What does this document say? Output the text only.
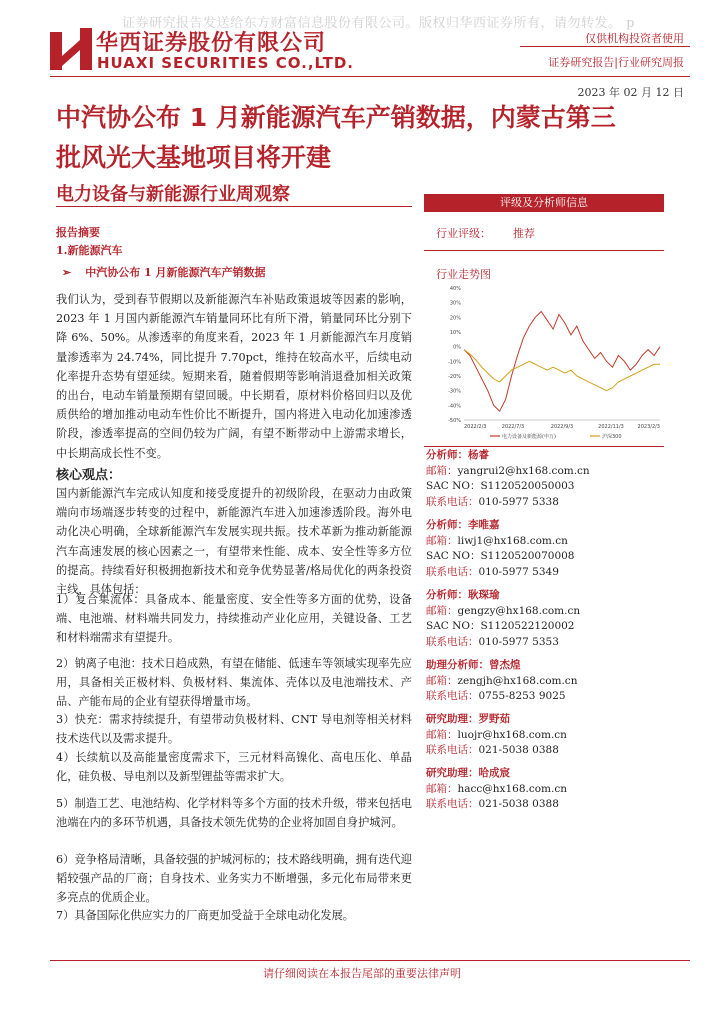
证券研究报告发送给东方财富信息股份有限公司。版权归华西证券所有，请勿转发。 p
华西证券股份有限公司
HUAXI SECURITIES CO.,LTD.
仅供机构投资者使用
证券研究报告|行业研究周报
2023 年 02 月 12 日
中汽协公布 1 月新能源汽车产销数据，内蒙古第三
批风光大基地项目将开建
电力设备与新能源行业周观察
报告摘要
1.新能源汽车
➢ 中汽协公布 1 月新能源汽车产销数据
我们认为，受到春节假期以及新能源汽车补贴政策退坡等因素的影响，2023 年 1 月国内新能源汽车销量同环比有所下滑，销量同环比分别下降 6%、50%。从渗透率的角度来看，2023 年 1 月新能源汽车月度销量渗透率为 24.74%，同比提升 7.70pct，维持在较高水平，后续电动化率提升态势有望延续。短期来看，随着假期等影响消退叠加相关政策的出台，电动车销量预期有望回暖。中长期看，原材料价格回归以及优质供给的增加推动电动车性价比不断提升，国内将进入电动化加速渗透阶段，渗透率提高的空间仍较为广阔，有望不断带动中上游需求增长，中长期高成长性不变。
核心观点：
国内新能源汽车完成认知度和接受度提升的初级阶段，在驱动力由政策端向市场端逐步转变的过程中，新能源汽车进入加速渗透阶段。海外电动化决心明确，全球新能源汽车发展实现共振。技术革新为推动新能源汽车高速发展的核心因素之一，有望带来性能、成本、安全性等多方位的提高。持续看好积极拥抱新技术和竞争优势显著/格局优化的两条投资主线，具体包括：
1）复合集流体：具备成本、能量密度、安全性等多方面的优势，设备端、电池端、材料端共同发力，持续推动产业化应用，关键设备、工艺和材料端需求有望提升。
2）钠离子电池：技术日趋成熟，有望在储能、低速车等领域实现率先应用，具备相关正极材料、负极材料、集流体、壳体以及电池端技术、产品、产能布局的企业有望获得增量市场。
3）快充：需求持续提升，有望带动负极材料、CNT 导电剂等相关材料技术迭代以及需求提升。
4）长续航以及高能量密度需求下，三元材料高镍化、高电压化、单晶化，硅负极、导电剂以及新型锂盐等需求扩大。
5）制造工艺、电池结构、化学材料等多个方面的技术升级，带来包括电池端在内的多环节机遇，具备技术领先优势的企业将加固自身护城河。
6）竞争格局清晰，具备较强的护城河标的；技术路线明确，拥有迭代迎韬较强产品的厂商；自身技术、业务实力不断增强，多元化布局带来更多亮点的优质企业。
7）具备国际化供应实力的厂商更加受益于全球电动化发展。
评级及分析师信息
行业评级： 推荐
行业走势图
40%
30%
20%
10%
0%
-10%
-20%
-30%
-40%
-50%
2022/2/3	2022/7/3	2022/9/3	2022/11/3	2023/2/3
电力设备及新能源(申万)	沪深300
分析师：杨睿
邮箱：yangrui2@hx168.com.cn
SAC NO：S1120520050003
联系电话：010-5977 5338
分析师：李唯嘉
邮箱：liwj1@hx168.com.cn
SAC NO：S1120520070008
联系电话：010-5977 5349
分析师：耿琛瑜
邮箱：gengzy@hx168.com.cn
SAC NO：S1120522120002
联系电话：010-5977 5353
助理分析师：曾杰煌
邮箱：zengjh@hx168.com.cn
联系电话：0755-8253 9025
研究助理：罗野茹
邮箱：luojr@hx168.com.cn
联系电话：021-5038 0388
研究助理：哈成宸
邮箱：hacc@hx168.com.cn
联系电话：021-5038 0388
请仔细阅读在本报告尾部的重要法律声明
